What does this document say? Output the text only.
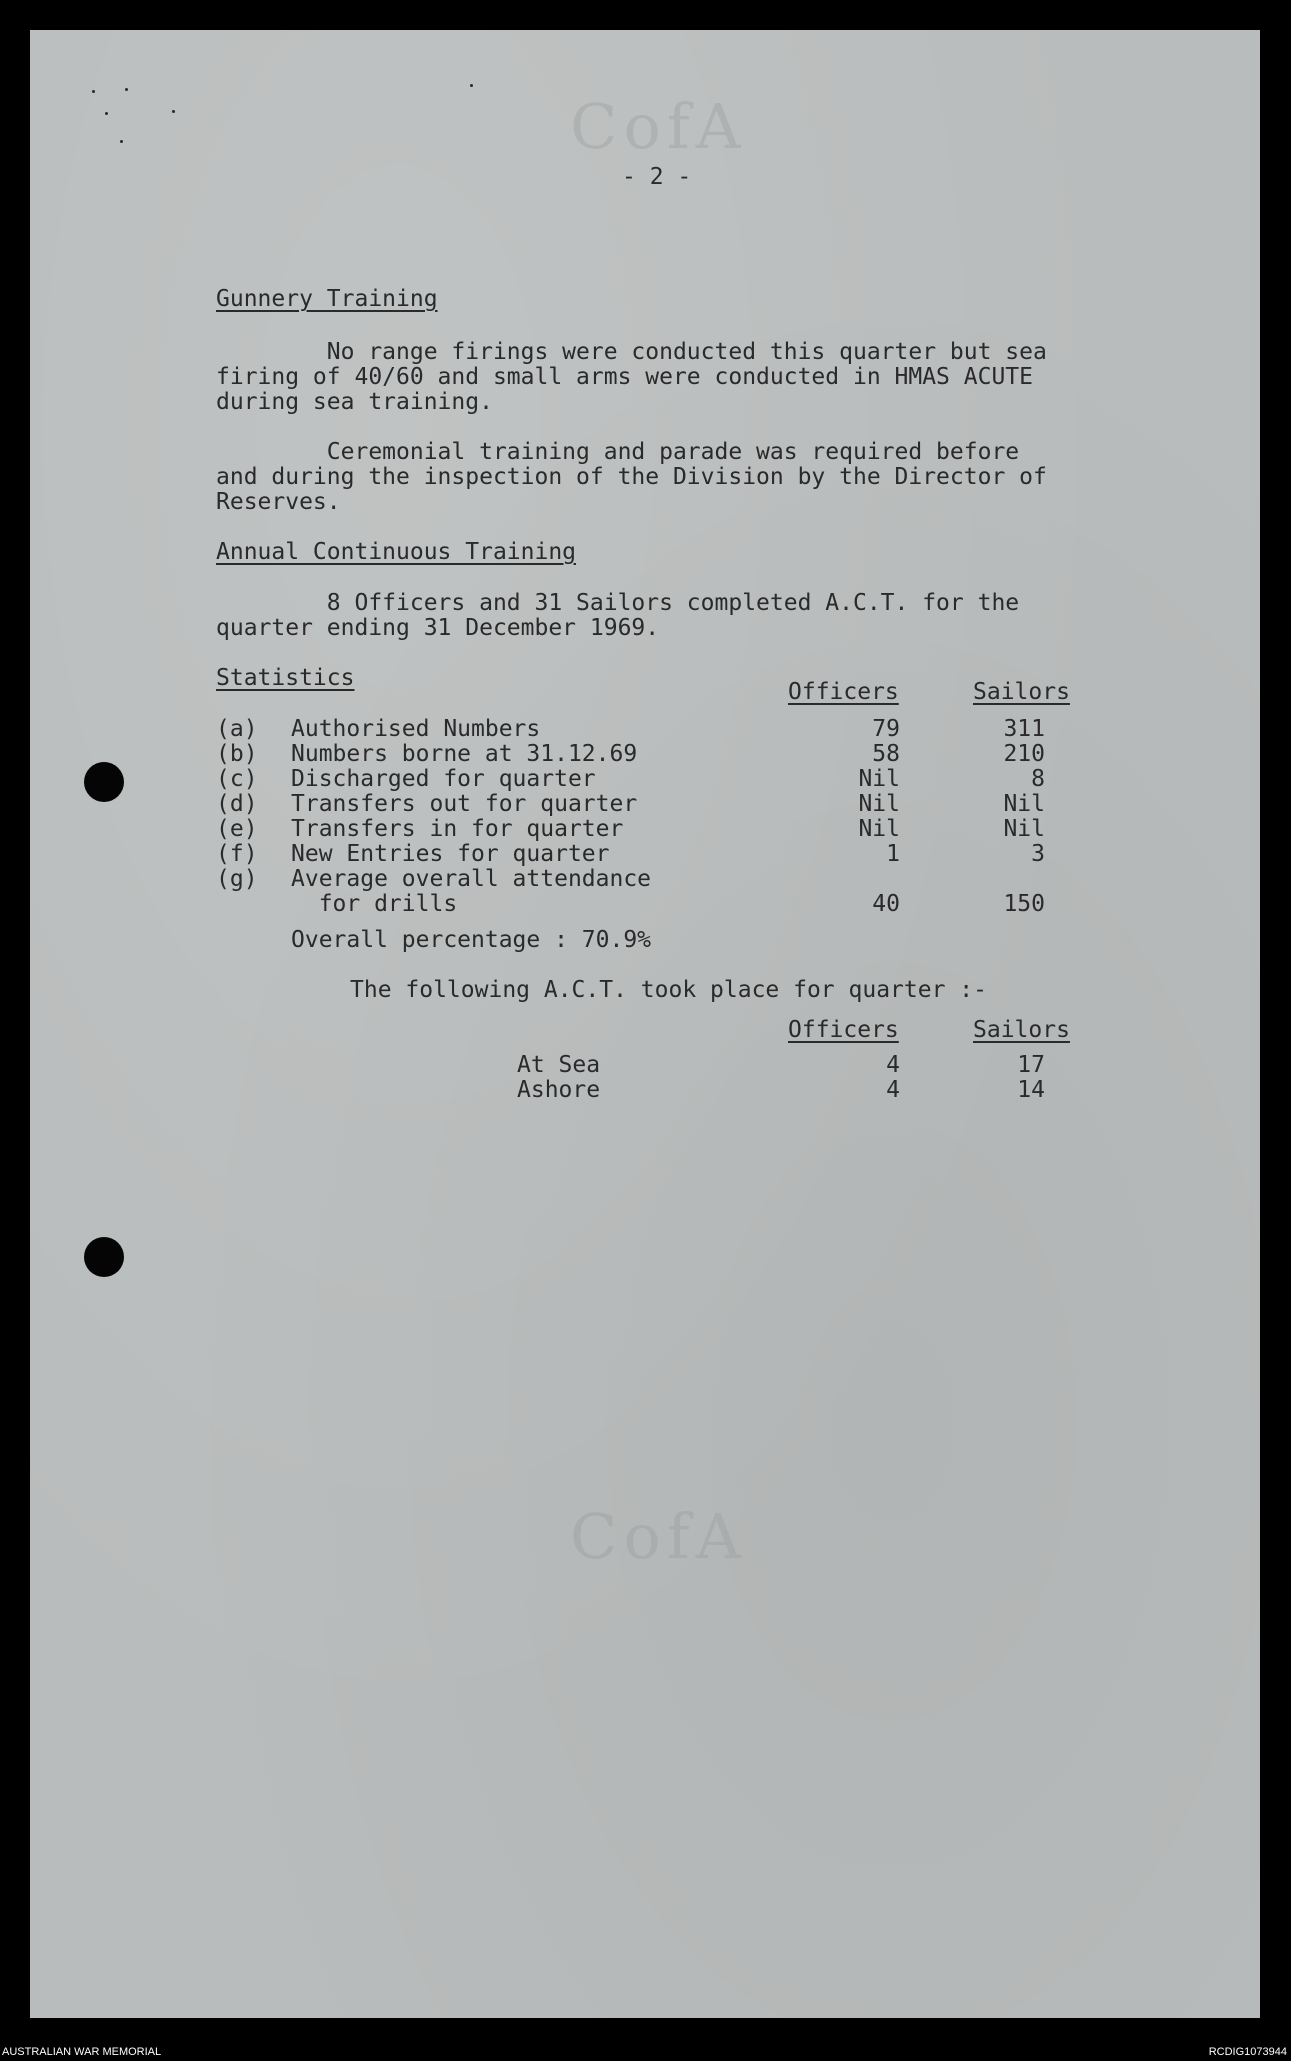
CofA
CofA
- 2 -
Gunnery Training
No range firings were conducted this quarter but sea
firing of 40/60 and small arms were conducted in HMAS ACUTE
during sea training.
Ceremonial training and parade was required before
and during the inspection of the Division by the Director of
Reserves.
Annual Continuous Training
8 Officers and 31 Sailors completed A.C.T. for the
quarter ending 31 December 1969.
Statistics
Officers	Sailors
(a) Authorised Numbers	79	311
(b) Numbers borne at 31.12.69	58	210
(c) Discharged for quarter	Nil	8
(d) Transfers out for quarter	Nil	Nil
(e) Transfers in for quarter	Nil	Nil
(f) New Entries for quarter	1	3
(g) Average overall attendance
for drills	40	150
Overall percentage : 70.9%
The following A.C.T. took place for quarter :-
Officers	Sailors
At Sea	4	17
Ashore	4	14
AUSTRALIAN WAR MEMORIAL	RCDIG1073944
